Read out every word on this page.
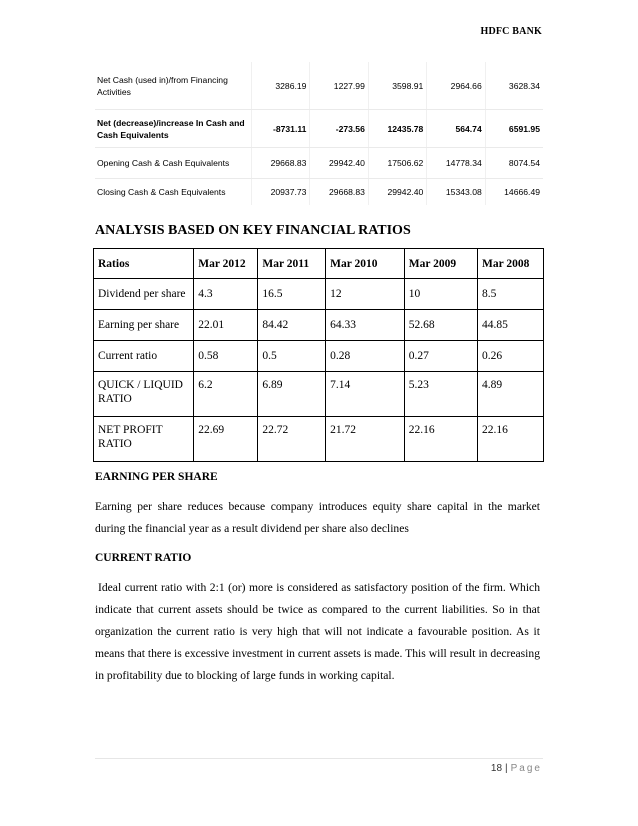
HDFC BANK
Net Cash (used in)/from Financing Activities	3286.19	1227.99	3598.91	2964.66	3628.34
Net (decrease)/increase In Cash and Cash Equivalents	-8731.11	-273.56	12435.78	564.74	6591.95
Opening Cash & Cash Equivalents	29668.83	29942.40	17506.62	14778.34	8074.54
Closing Cash & Cash Equivalents	20937.73	29668.83	29942.40	15343.08	14666.49
ANALYSIS BASED ON KEY FINANCIAL RATIOS
Ratios	Mar 2012	Mar 2011	Mar 2010	Mar 2009	Mar 2008
Dividend per share	4.3	16.5	12	10	8.5
Earning per share	22.01	84.42	64.33	52.68	44.85
Current ratio	0.58	0.5	0.28	0.27	0.26
QUICK / LIQUID RATIO	6.2	6.89	7.14	5.23	4.89
NET PROFIT RATIO	22.69	22.72	21.72	22.16	22.16
EARNING PER SHARE
Earning per share reduces because company introduces equity share capital in the market during the financial year as a result dividend per share also declines
CURRENT RATIO
Ideal current ratio with 2:1 (or) more is considered as satisfactory position of the firm. Which indicate that current assets should be twice as compared to the current liabilities. So in that organization the current ratio is very high that will not indicate a favourable position. As it means that there is excessive investment in current assets is made. This will result in decreasing in profitability due to blocking of large funds in working capital.
18 | Page
